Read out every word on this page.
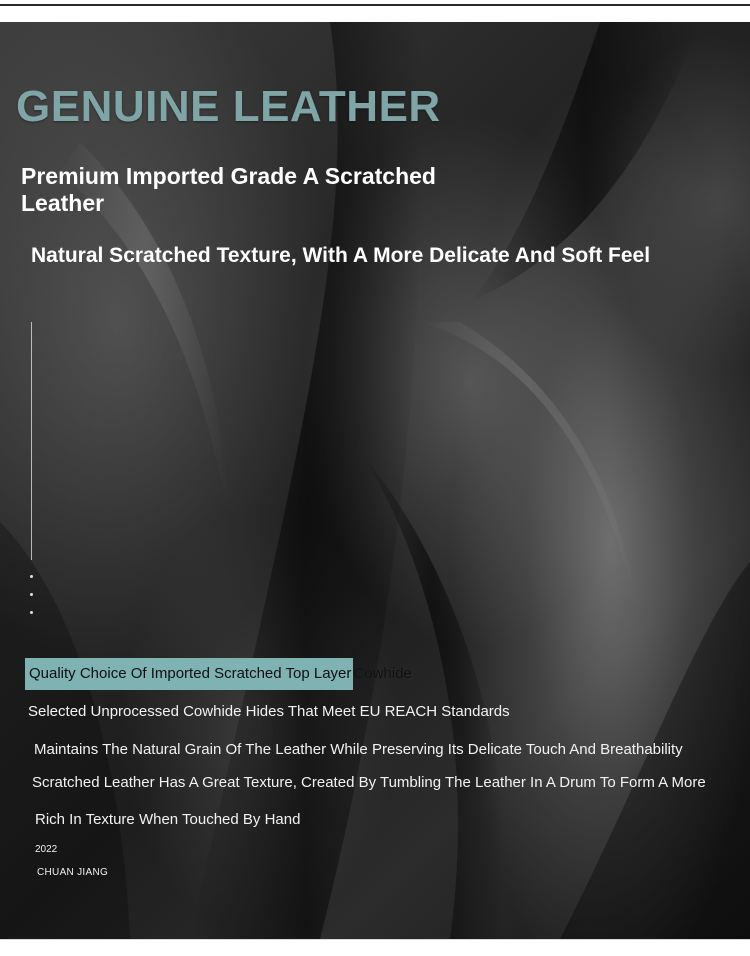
GENUINE LEATHER
Premium Imported Grade A Scratched Leather
Natural Scratched Texture, With A More Delicate And Soft Feel
Quality Choice Of Imported Scratched Top Layer Cowhide

Selected Unprocessed Cowhide Hides That Meet EU REACH Standards

Maintains The Natural Grain Of The Leather While Preserving Its Delicate Touch And Breathability

Scratched Leather Has A Great Texture, Created By Tumbling The Leather In A Drum To Form A More

Rich In Texture When Touched By Hand

2022

CHUAN JIANG
